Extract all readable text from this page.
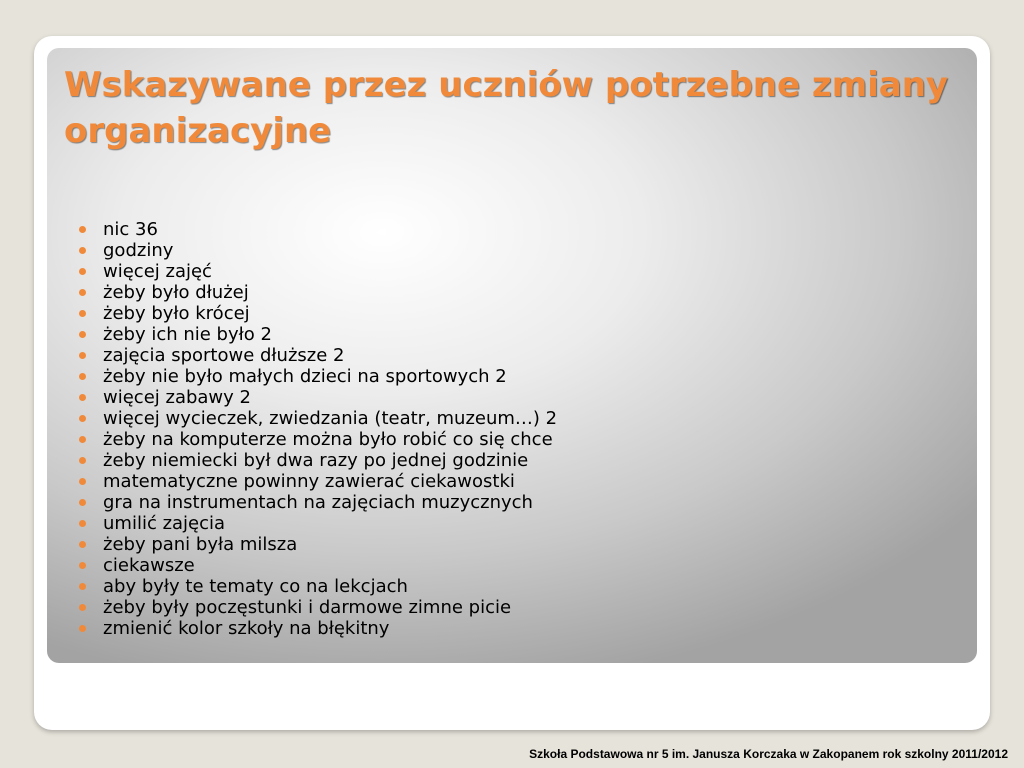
Wskazywane przez uczniów potrzebne zmiany organizacyjne
nic 36
godziny
więcej zajęć
żeby było dłużej
żeby było krócej
żeby ich nie było 2
zajęcia sportowe dłuższe 2
żeby nie było małych dzieci na sportowych 2
więcej zabawy 2
więcej wycieczek, zwiedzania (teatr, muzeum…) 2
żeby na komputerze można było robić co się chce
żeby niemiecki był dwa razy po jednej godzinie
matematyczne powinny zawierać ciekawostki
gra na instrumentach na zajęciach muzycznych
umilić zajęcia
żeby pani była milsza
ciekawsze
aby były te tematy co na lekcjach
żeby były poczęstunki i darmowe zimne picie
zmienić kolor szkoły na błękitny
Szkoła Podstawowa nr 5 im. Janusza Korczaka w Zakopanem rok szkolny 2011/2012
